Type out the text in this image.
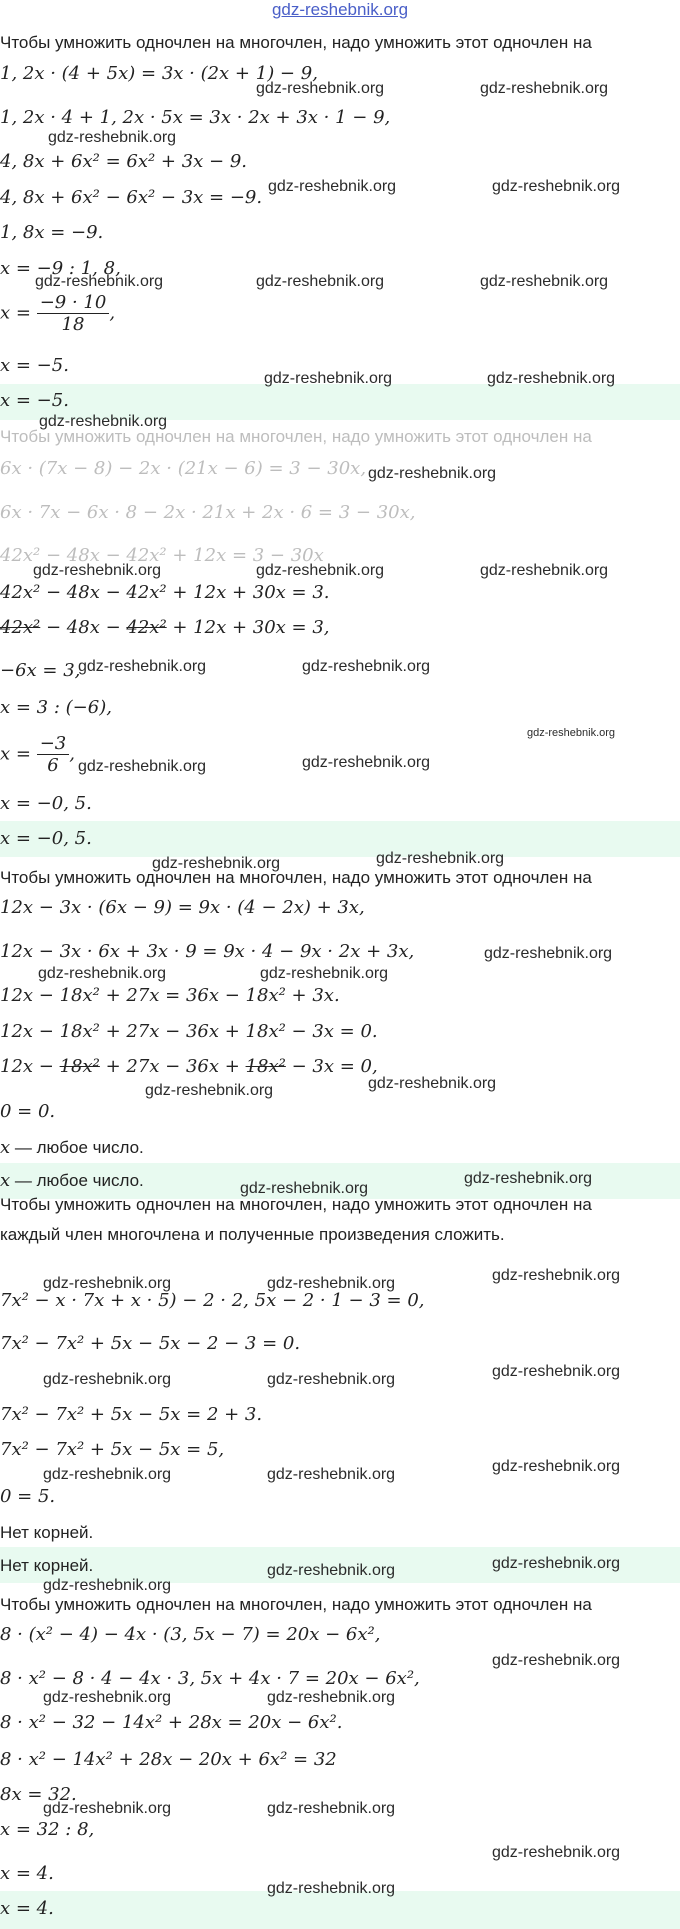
gdz-reshebnik.org
Чтобы умножить одночлен на многочлен, надо умножить этот одночлен на
1, 2x · (4 + 5x) = 3x · (2x + 1) − 9,
1, 2x · 4 + 1, 2x · 5x = 3x · 2x + 3x · 1 − 9,
4, 8x + 6x² = 6x² + 3x − 9.
4, 8x + 6x² − 6x² − 3x = −9.
1, 8x = −9.
x = −9 : 1, 8,
$x = \frac{-9 \cdot 10}{18}$ ,
x = −5.
x = −5.
Чтобы умножить одночлен на многочлен, надо умножить этот одночлен на
6x · (7x − 8) − 2x · (21x − 6) = 3 − 30x,
6x · 7x − 6x · 8 − 2x · 21x + 2x · 6 = 3 − 30x,
42x² − 48x − 42x² + 12x = 3 − 30x
42x² − 48x − 42x² + 12x + 30x = 3.
42x² − 48x − 42x² + 12x + 30x = 3,
−6x = 3,
x = 3 : (−6),
$x = \frac{-3}{6}$ ,
x = −0, 5.
x = −0, 5.
Чтобы умножить одночлен на многочлен, надо умножить этот одночлен на
12x − 3x · (6x − 9) = 9x · (4 − 2x) + 3x,
12x − 3x · 6x + 3x · 9 = 9x · 4 − 9x · 2x + 3x,
12x − 18x² + 27x = 36x − 18x² + 3x.
12x − 18x² + 27x − 36x + 18x² − 3x = 0.
12x − 18x² + 27x − 36x + 18x² − 3x = 0,
0 = 0.
x — любое число.
x — любое число.
Чтобы умножить одночлен на многочлен, надо умножить этот одночлен на
каждый член многочлена и полученные произведения сложить.
7x² − x · 7x + x · 5) − 2 · 2, 5x − 2 · 1 − 3 = 0,
7x² − 7x² + 5x − 5x − 2 − 3 = 0.
7x² − 7x² + 5x − 5x = 2 + 3.
7x² − 7x² + 5x − 5x = 5,
0 = 5.
Нет корней.
Нет корней.
Чтобы умножить одночлен на многочлен, надо умножить этот одночлен на
8 · (x² − 4) − 4x · (3, 5x − 7) = 20x − 6x²,
8 · x² − 8 · 4 − 4x · 3, 5x + 4x · 7 = 20x − 6x²,
8 · x² − 32 − 14x² + 28x = 20x − 6x².
8 · x² − 14x² + 28x − 20x + 6x² = 32
8x = 32.
x = 32 : 8,
x = 4.
x = 4.
gdz-reshebnik.org	gdz-reshebnik.org
gdz-reshebnik.org
gdz-reshebnik.org	gdz-reshebnik.org
gdz-reshebnik.org	gdz-reshebnik.org	gdz-reshebnik.org
gdz-reshebnik.org	gdz-reshebnik.org
gdz-reshebnik.org
gdz-reshebnik.org
gdz-reshebnik.org	gdz-reshebnik.org	gdz-reshebnik.org
gdz-reshebnik.org	gdz-reshebnik.org
gdz-reshebnik.org
gdz-reshebnik.org	gdz-reshebnik.org
gdz-reshebnik.org	gdz-reshebnik.org
gdz-reshebnik.org
gdz-reshebnik.org	gdz-reshebnik.org
gdz-reshebnik.org	gdz-reshebnik.org
gdz-reshebnik.org
gdz-reshebnik.org
gdz-reshebnik.org
gdz-reshebnik.org	gdz-reshebnik.org
gdz-reshebnik.org
gdz-reshebnik.org	gdz-reshebnik.org
gdz-reshebnik.org
gdz-reshebnik.org	gdz-reshebnik.org
gdz-reshebnik.org
gdz-reshebnik.org
gdz-reshebnik.org
gdz-reshebnik.org
gdz-reshebnik.org	gdz-reshebnik.org
gdz-reshebnik.org	gdz-reshebnik.org
gdz-reshebnik.org
gdz-reshebnik.org
